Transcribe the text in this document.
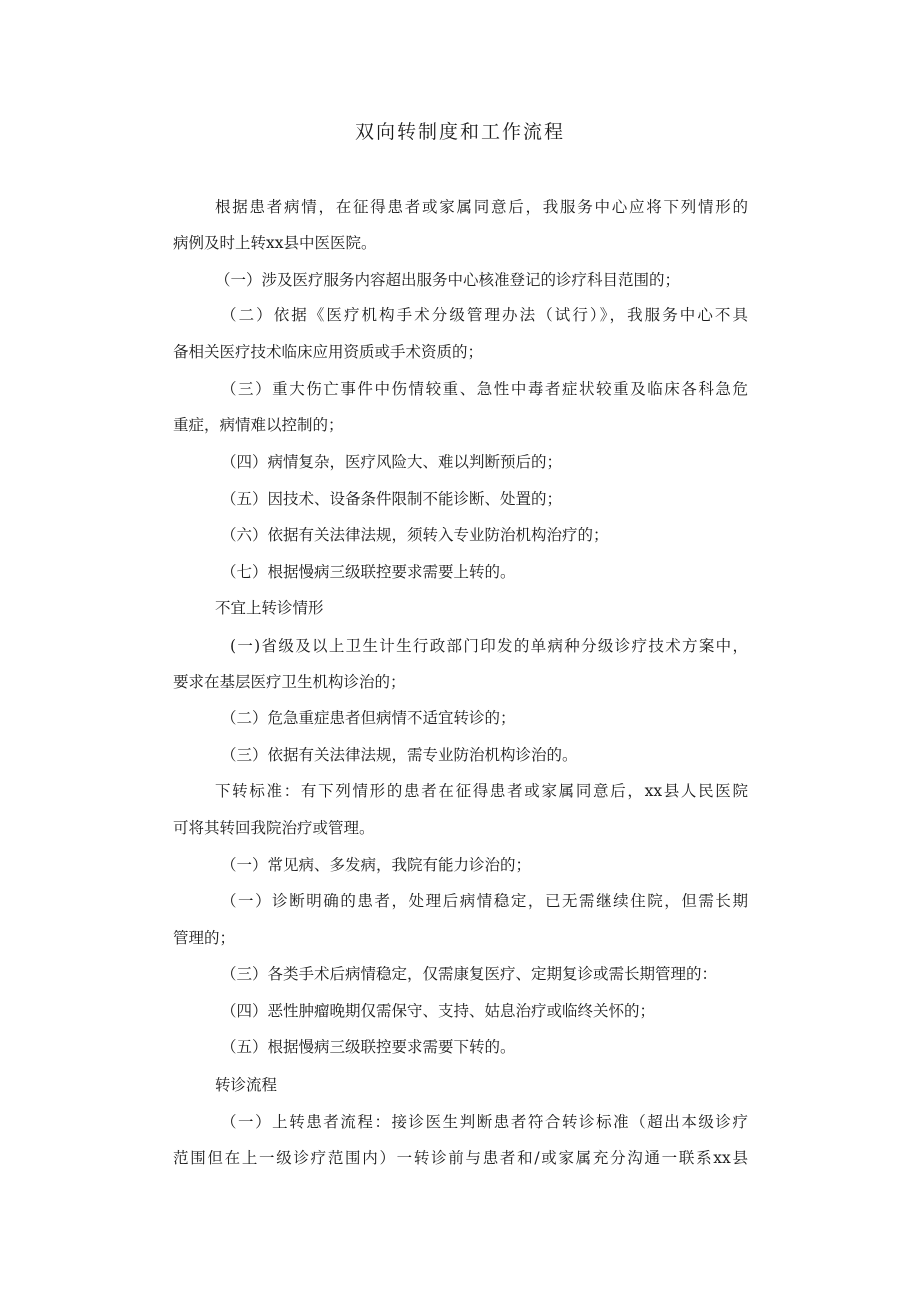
双向转制度和工作流程

根据患者病情，在征得患者或家属同意后，我服务中心应将下列情形的

病例及时上转xx县中医医院。

（一）涉及医疗服务内容超出服务中心核准登记的诊疗科目范围的；

（二）依据《医疗机构手术分级管理办法（试行）》，我服务中心不具

备相关医疗技术临床应用资质或手术资质的；

（三）重大伤亡事件中伤情较重、急性中毒者症状较重及临床各科急危

重症，病情难以控制的；

（四）病情复杂，医疗风险大、难以判断预后的；

（五）因技术、设备条件限制不能诊断、处置的；

（六）依据有关法律法规，须转入专业防治机构治疗的；

（七）根据慢病三级联控要求需要上转的。

不宜上转诊情形

(一)省级及以上卫生计生行政部门印发的单病种分级诊疗技术方案中，

要求在基层医疗卫生机构诊治的；

（二）危急重症患者但病情不适宜转诊的；

（三）依据有关法律法规，需专业防治机构诊治的。

下转标准：有下列情形的患者在征得患者或家属同意后，xx县人民医院

可将其转回我院治疗或管理。

（一）常见病、多发病，我院有能力诊治的；

（一）诊断明确的患者，处理后病情稳定，已无需继续住院，但需长期

管理的；

（三）各类手术后病情稳定，仅需康复医疗、定期复诊或需长期管理的：

（四）恶性肿瘤晚期仅需保守、支持、姑息治疗或临终关怀的；

（五）根据慢病三级联控要求需要下转的。

转诊流程

（一）上转患者流程：接诊医生判断患者符合转诊标准（超出本级诊疗

范围但在上一级诊疗范围内）一转诊前与患者和/或家属充分沟通一联系xx县
